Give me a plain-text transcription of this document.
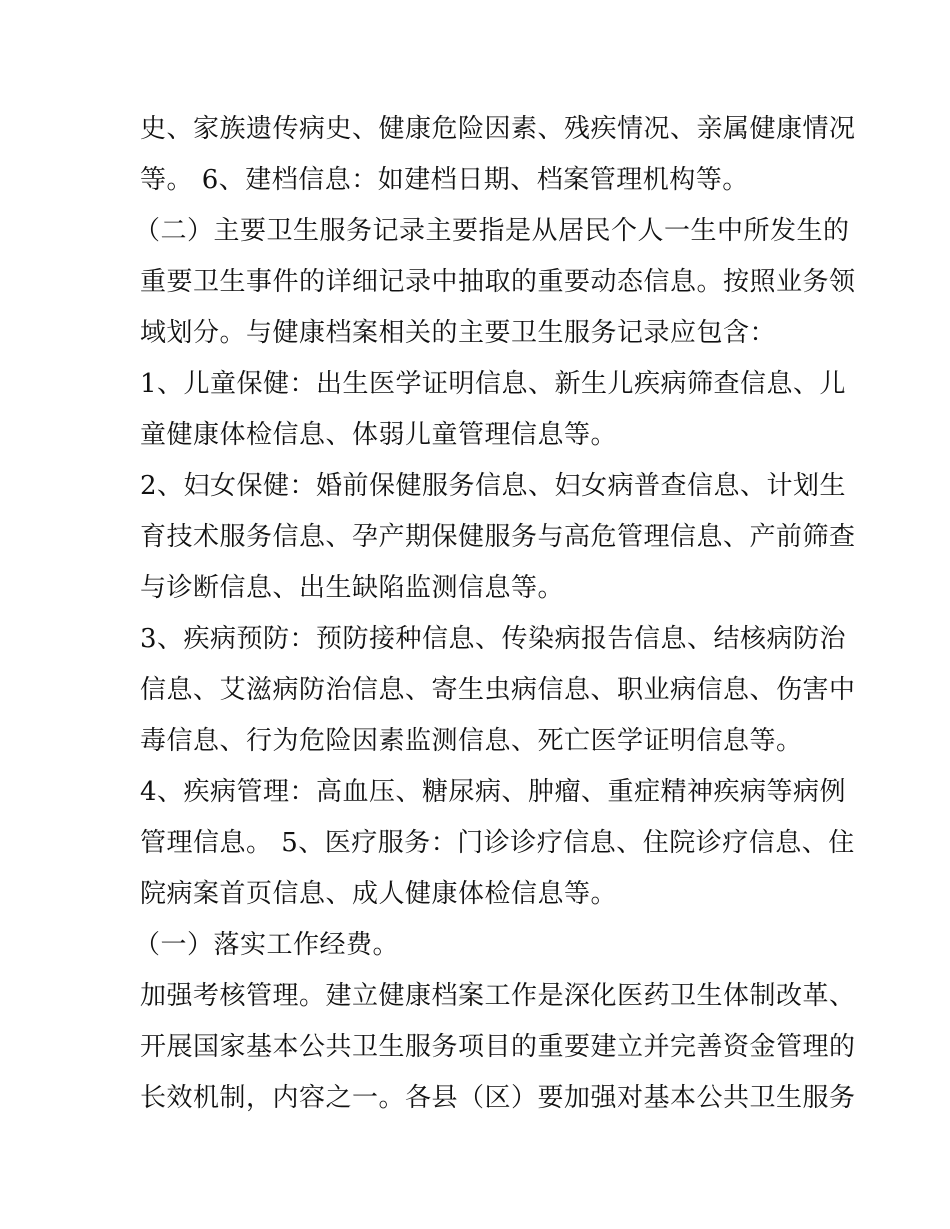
史、家族遗传病史、健康危险因素、残疾情况、亲属健康情况
等。 6、建档信息：如建档日期、档案管理机构等。
（二）主要卫生服务记录主要指是从居民个人一生中所发生的
重要卫生事件的详细记录中抽取的重要动态信息。按照业务领
域划分。与健康档案相关的主要卫生服务记录应包含：
1、儿童保健：出生医学证明信息、新生儿疾病筛查信息、儿
童健康体检信息、体弱儿童管理信息等。
2、妇女保健：婚前保健服务信息、妇女病普查信息、计划生
育技术服务信息、孕产期保健服务与高危管理信息、产前筛查
与诊断信息、出生缺陷监测信息等。
3、疾病预防：预防接种信息、传染病报告信息、结核病防治
信息、艾滋病防治信息、寄生虫病信息、职业病信息、伤害中
毒信息、行为危险因素监测信息、死亡医学证明信息等。
4、疾病管理：高血压、糖尿病、肿瘤、重症精神疾病等病例
管理信息。 5、医疗服务：门诊诊疗信息、住院诊疗信息、住
院病案首页信息、成人健康体检信息等。
（一）落实工作经费。
加强考核管理。建立健康档案工作是深化医药卫生体制改革、
开展国家基本公共卫生服务项目的重要建立并完善资金管理的
长效机制，内容之一。各县（区）要加强对基本公共卫生服务
